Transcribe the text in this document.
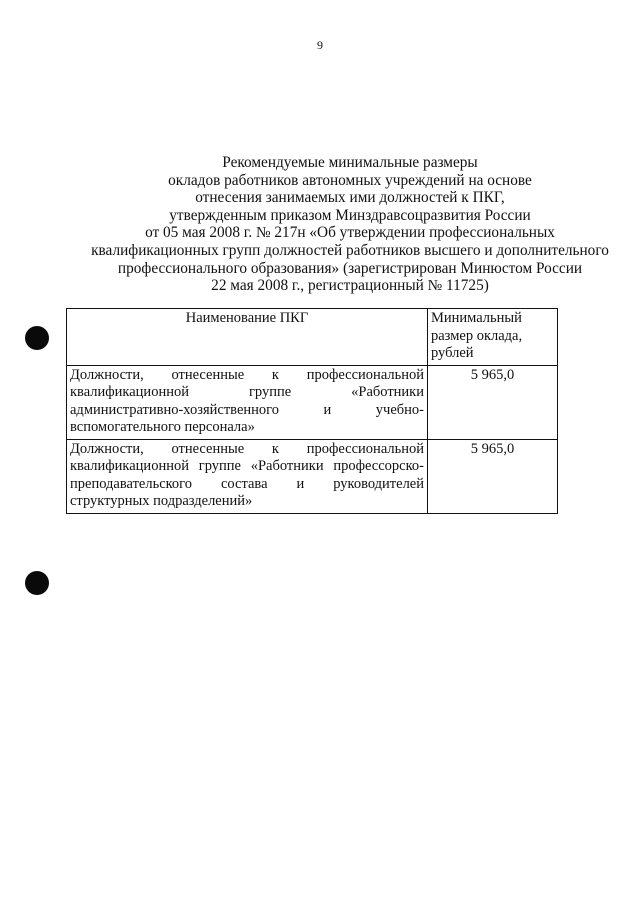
9
Рекомендуемые минимальные размеры
окладов работников автономных учреждений на основе
отнесения занимаемых ими должностей к ПКГ,
утвержденным приказом Минздравсоцразвития России
от 05 мая 2008 г. № 217н «Об утверждении профессиональных
квалификационных групп должностей работников высшего и дополнительного
профессионального образования» (зарегистрирован Минюстом России
22 мая 2008 г., регистрационный № 11725)
Наименование ПКГ	Минимальный размер оклада, рублей
Должности, отнесенные к профессиональной квалификационной группе «Работники административно-хозяйственного и учебно-вспомогательного персонала»	5 965,0
Должности, отнесенные к профессиональной квалификационной группе «Работники профессорско-преподавательского состава и руководителей структурных подразделений»	5 965,0
